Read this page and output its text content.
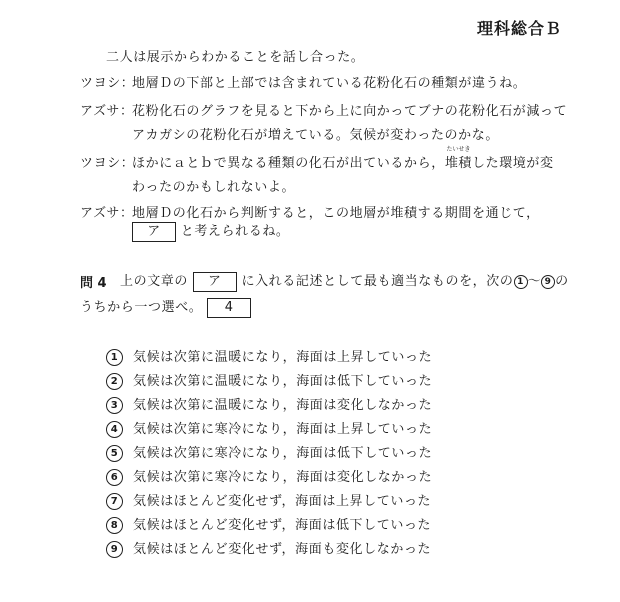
理科総合Ｂ
二人は展示からわかることを話し合った。
ツヨシ：
地層Ｄの下部と上部では含まれている花粉化石の種類が違うね。
アズサ：
花粉化石のグラフを見ると下から上に向かってブナの花粉化石が減って
アカガシの花粉化石が増えている。気候が変わったのかな。
ツヨシ：
ほかにａとｂで異なる種類の化石が出ているから，
たいせき
堆積した環境が変
わったのかもしれないよ。
アズサ：
地層Ｄの化石から判断すると，この地層が堆積する期間を通じて，
ア と考えられるね。
問 4 上の文章の ア に入れる記述として最も適当なものを，次の 1 〜 9 の
うちから一つ選べ。 4
1 気候は次第に温暖になり，海面は上昇していった
2 気候は次第に温暖になり，海面は低下していった
3 気候は次第に温暖になり，海面は変化しなかった
4 気候は次第に寒冷になり，海面は上昇していった
5 気候は次第に寒冷になり，海面は低下していった
6 気候は次第に寒冷になり，海面は変化しなかった
7 気候はほとんど変化せず，海面は上昇していった
8 気候はほとんど変化せず，海面は低下していった
9 気候はほとんど変化せず，海面も変化しなかった
